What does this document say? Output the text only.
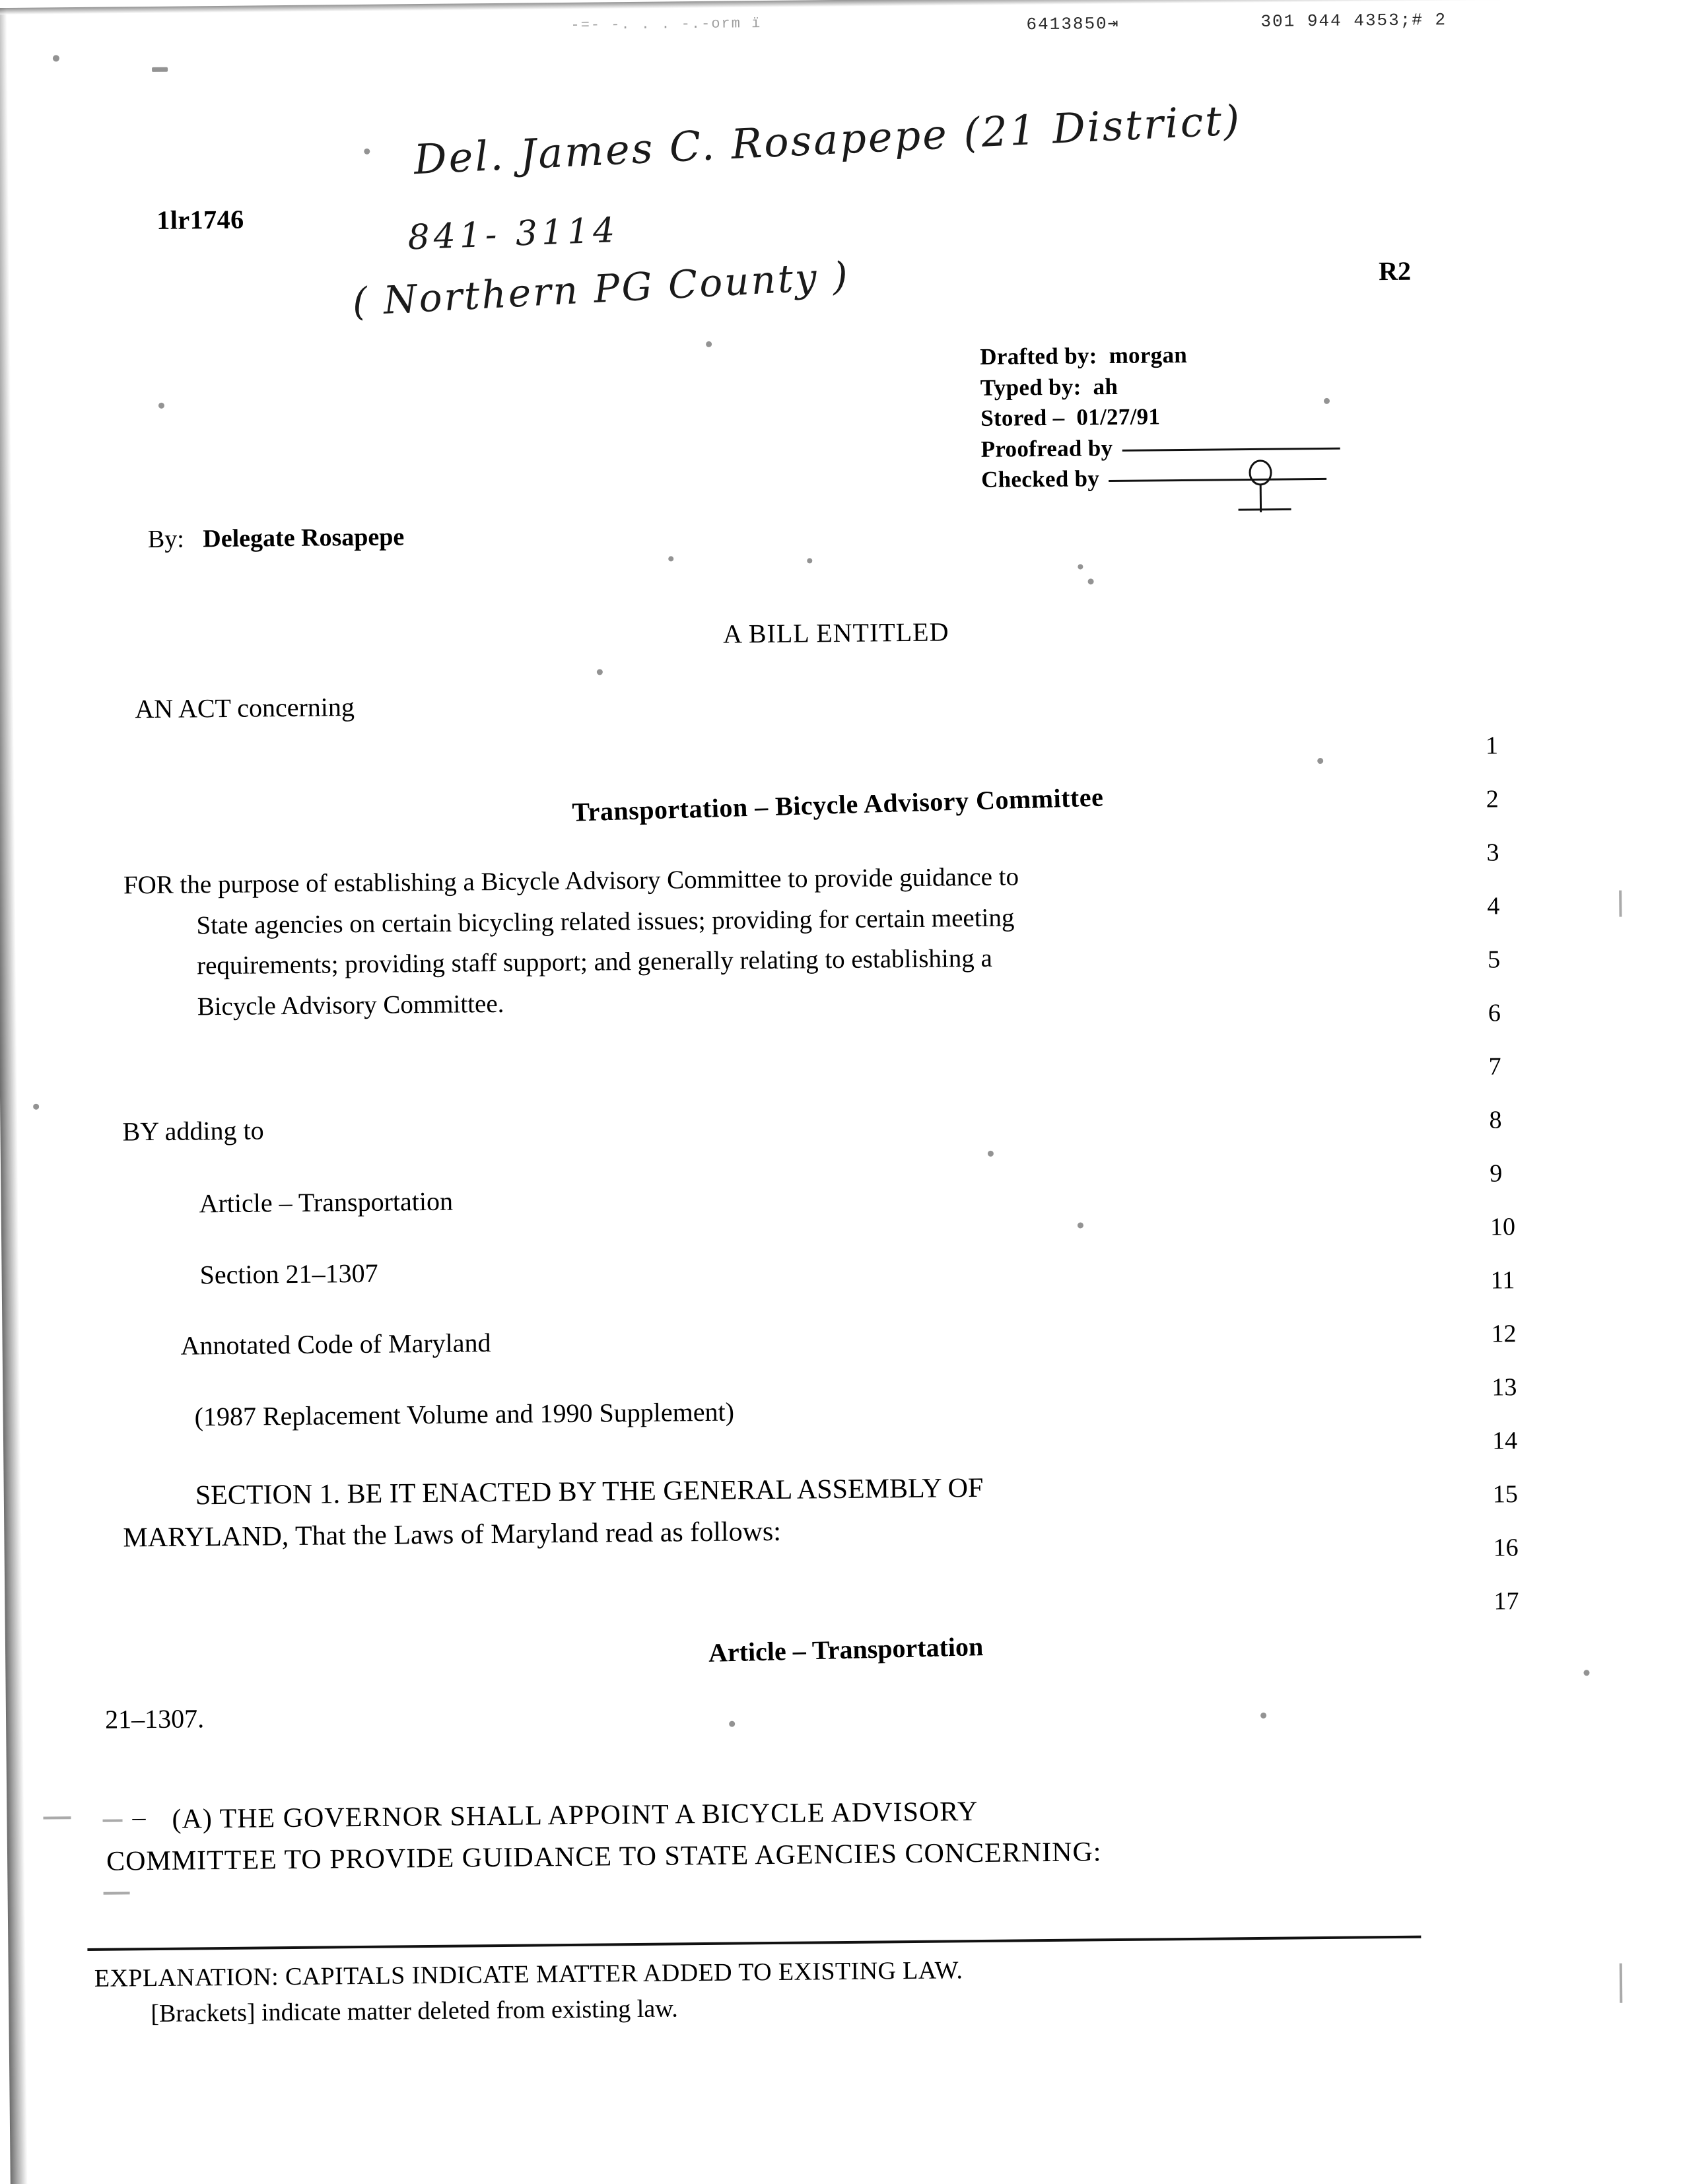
-=- -. . . -.-orm ï	6413850⇥	301 944 4353;# 2
Del. James C. Rosapepe (21 District)
841- 3114
( Northern PG County )
1lr1746
R2
Drafted by: morgan
Typed by: ah
Stored – 01/27/91
Proofread by
Checked by
By: Delegate Rosapepe
A BILL ENTITLED
AN ACT concerning
Transportation – Bicycle Advisory Committee

FOR the purpose of establishing a Bicycle Advisory Committee to provide guidance to

State agencies on certain bicycling related issues; providing for certain meeting

requirements; providing staff support; and generally relating to establishing a

Bicycle Advisory Committee.

BY adding to
Article – Transportation
Section 21–1307
Annotated Code of Maryland
(1987 Replacement Volume and 1990 Supplement)
SECTION 1. BE IT ENACTED BY THE GENERAL ASSEMBLY OF
MARYLAND, That the Laws of Maryland read as follows:
Article – Transportation
21–1307.
– (A) THE GOVERNOR SHALL APPOINT A BICYCLE ADVISORY
COMMITTEE TO PROVIDE GUIDANCE TO STATE AGENCIES CONCERNING:
1
2
3
4
5
6
7
8
9
10
11
12
13
14
15
16
17
EXPLANATION: CAPITALS INDICATE MATTER ADDED TO EXISTING LAW.
[Brackets] indicate matter deleted from existing law.
